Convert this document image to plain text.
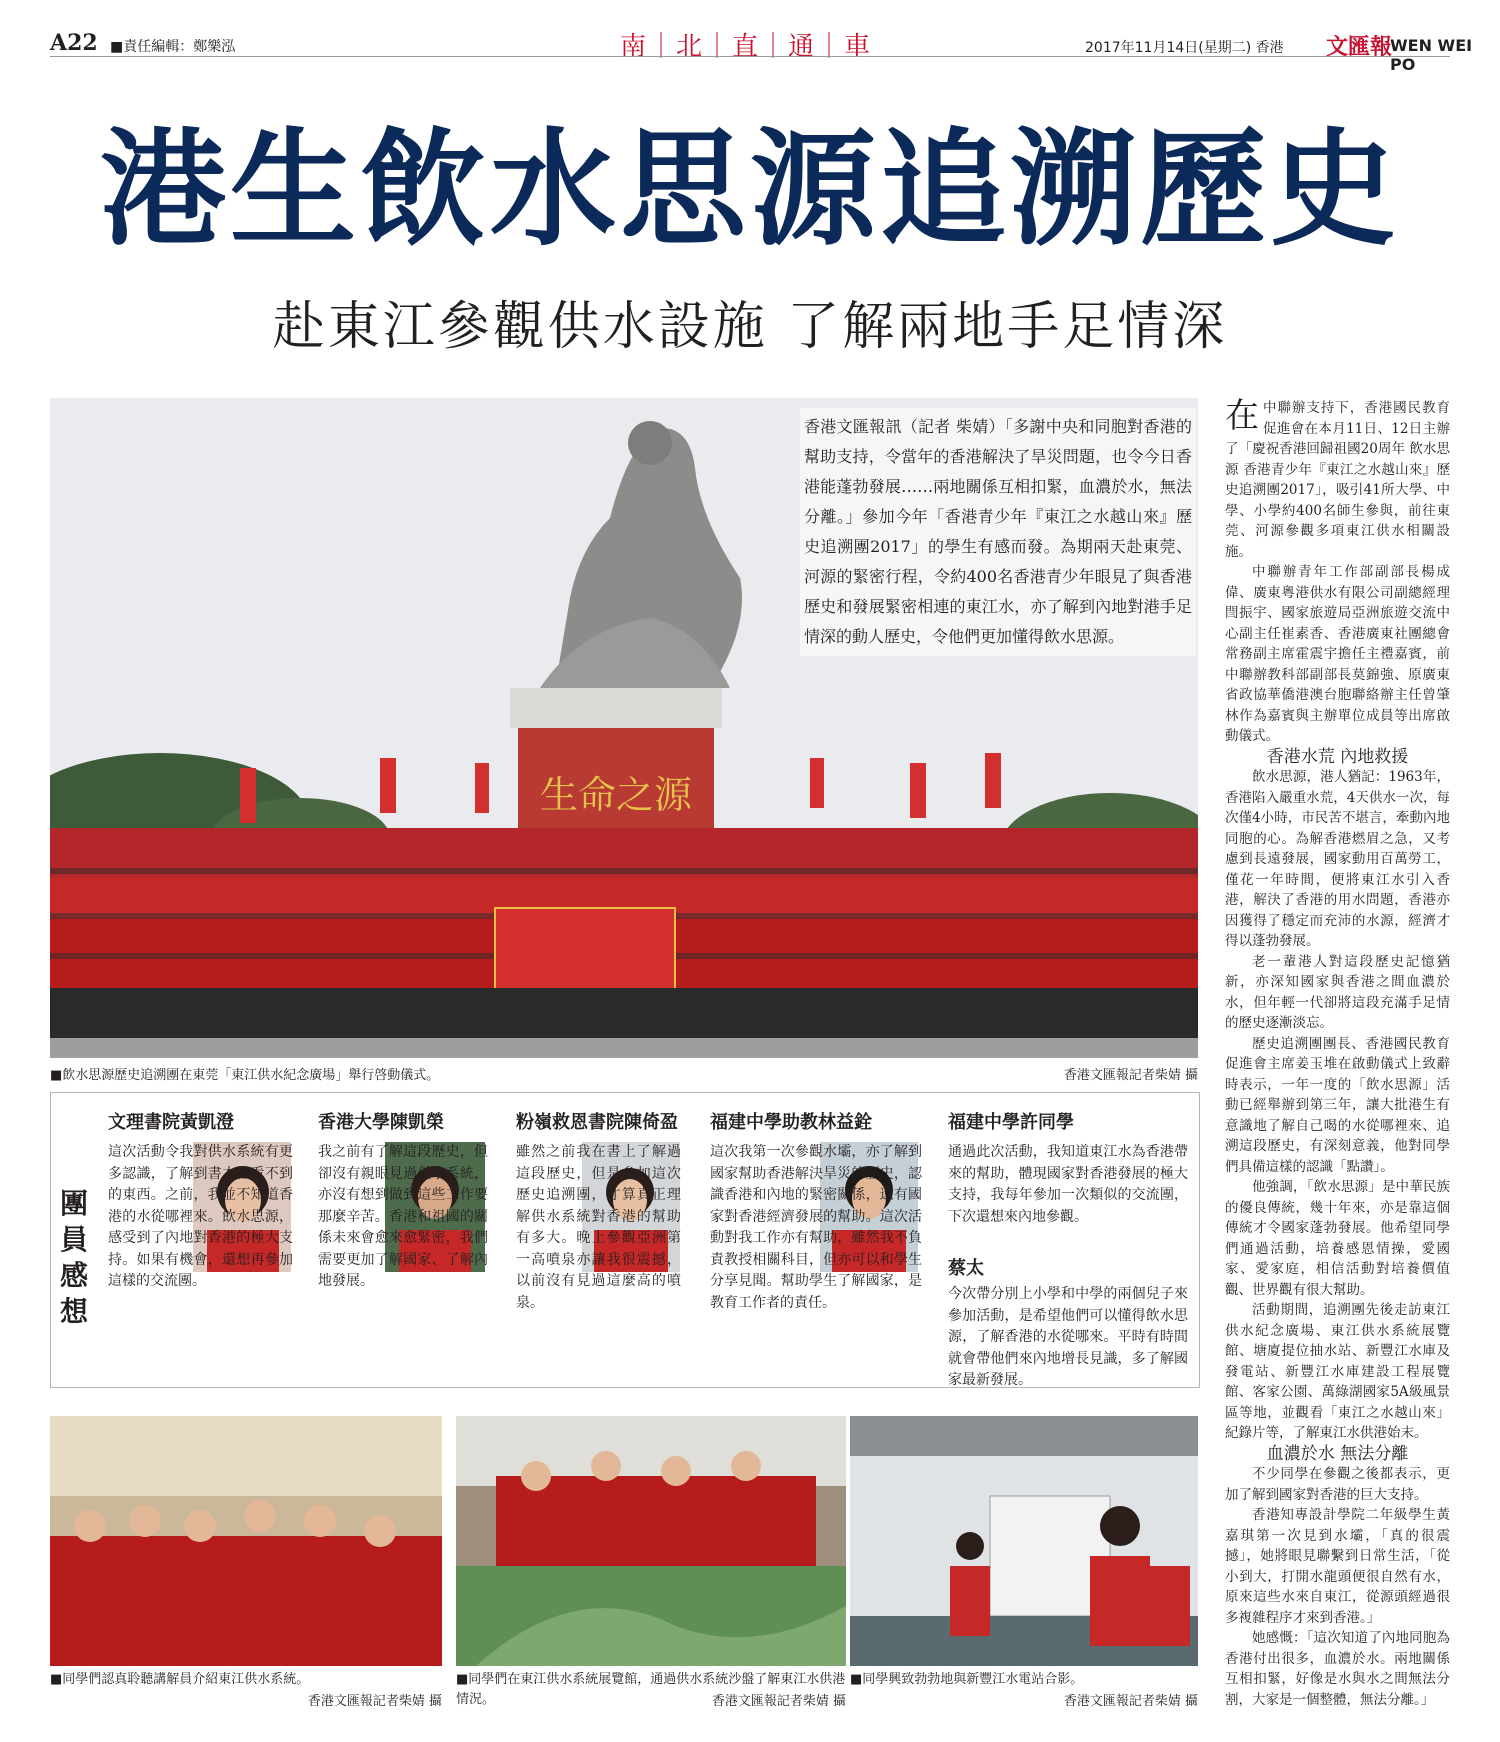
A22 ■責任編輯：鄭樂泓	南｜北｜直｜通｜車	2017年11月14日(星期二) 香港 文匯報
WEN WEI PO
港生飲水思源追溯歷史
赴東江參觀供水設施 了解兩地手足情深
生命之源
香港文匯報訊（記者 柴婧）「多謝中央和同胞對香港的幫助支持，令當年的香港解決了旱災問題，也令今日香港能蓬勃發展……兩地關係互相扣緊，血濃於水，無法分離。」參加今年「香港青少年『東江之水越山來』歷史追溯團2017」的學生有感而發。為期兩天赴東莞、河源的緊密行程，令約400名香港青少年眼見了與香港歷史和發展緊密相連的東江水，亦了解到內地對港手足情深的動人歷史，令他們更加懂得飲水思源。
■飲水思源歷史追溯團在東莞「東江供水紀念廣場」舉行啓動儀式。	香港文匯報記者柴婧 攝

在中聯辦支持下，香港國民教育促進會在本月11日、12日主辦了「慶祝香港回歸祖國20周年 飲水思源 香港青少年『東江之水越山來』歷史追溯團2017」，吸引41所大學、中學、小學約400名師生參與，前往東莞、河源參觀多項東江供水相關設施。

中聯辦青年工作部副部長楊成偉、廣東粵港供水有限公司副總經理閆振宇、國家旅遊局亞洲旅遊交流中心副主任崔素香、香港廣東社團總會常務副主席霍震宇擔任主禮嘉賓，前中聯辦教科部副部長莫錦強、原廣東省政協華僑港澳台胞聯絡辦主任曾肇林作為嘉賓與主辦單位成員等出席啟動儀式。

香港水荒 內地救援

飲水思源，港人猶記：1963年，香港陷入嚴重水荒，4天供水一次，每次僅4小時，市民苦不堪言，牽動內地同胞的心。為解香港燃眉之急，又考慮到長遠發展，國家動用百萬勞工，僅花一年時間，便將東江水引入香港，解決了香港的用水問題，香港亦因獲得了穩定而充沛的水源，經濟才得以蓬勃發展。

老一輩港人對這段歷史記憶猶新，亦深知國家與香港之間血濃於水，但年輕一代卻將這段充滿手足情的歷史逐漸淡忘。

歷史追溯團團長、香港國民教育促進會主席姜玉堆在啟動儀式上致辭時表示，一年一度的「飲水思源」活動已經舉辦到第三年，讓大批港生有意識地了解自己喝的水從哪裡來、追溯這段歷史，有深刻意義，他對同學們具備這樣的認識「點讚」。

他強調，「飲水思源」是中華民族的優良傳統，幾十年來，亦是靠這個傳統才令國家蓬勃發展。他希望同學們通過活動，培養感恩情操，愛國家、愛家庭，相信活動對培養價值觀、世界觀有很大幫助。

活動期間，追溯團先後走訪東江供水紀念廣場、東江供水系統展覽館、塘廈提位抽水站、新豐江水庫及發電站、新豐江水庫建設工程展覽館、客家公園、萬綠湖國家5A級風景區等地，並觀看「東江之水越山來」紀錄片等，了解東江水供港始末。

血濃於水 無法分離

不少同學在參觀之後都表示，更加了解到國家對香港的巨大支持。

香港知專設計學院二年級學生黃嘉琪第一次見到水壩，「真的很震撼」，她將眼見聯繫到日常生活，「從小到大，打開水龍頭便很自然有水，原來這些水來自東江，從源頭經過很多複雜程序才來到香港。」

她感慨：「這次知道了內地同胞為香港付出很多，血濃於水。兩地關係互相扣緊，好像是水與水之間無法分割，大家是一個整體，無法分離。」

團員感想
文理書院黃凱澄
這次活動令我對供水系統有更多認識，了解到書本裡看不到的東西。之前，我並不知道香港的水從哪裡來。飲水思源，感受到了內地對香港的極大支持。如果有機會，還想再參加這樣的交流團。
香港大學陳凱榮
我之前有了解這段歷史，但卻沒有親眼見過供水系統，亦沒有想到做到這些工作要那麼辛苦。香港和祖國的關係未來會愈來愈緊密，我們需要更加了解國家、了解內地發展。
粉嶺救恩書院陳倚盈
雖然之前我在書上了解過這段歷史，但是參加這次歷史追溯團，才算真正理解供水系統對香港的幫助有多大。晚上參觀亞洲第一高噴泉亦讓我很震撼，以前沒有見過這麼高的噴泉。
福建中學助教林益銓
這次我第一次參觀水壩，亦了解到國家幫助香港解決旱災的歷史，認識香港和內地的緊密關係，還有國家對香港經濟發展的幫助。這次活動對我工作亦有幫助，雖然我不負責教授相關科目，但亦可以和學生分享見聞。幫助學生了解國家，是教育工作者的責任。
福建中學許同學
通過此次活動，我知道東江水為香港帶來的幫助，體現國家對香港發展的極大支持，我每年參加一次類似的交流團，下次還想來內地參觀。
蔡太
今次帶分別上小學和中學的兩個兒子來參加活動，是希望他們可以懂得飲水思源，了解香港的水從哪來。平時有時間就會帶他們來內地增長見識，多了解國家最新發展。
■同學們認真聆聽講解員介紹東江供水系統。
香港文匯報記者柴婧 攝
■同學們在東江供水系統展覽館，通過供水系統沙盤了解東江水供港情況。	香港文匯報記者柴婧 攝
■同學興致勃勃地與新豐江水電站合影。
香港文匯報記者柴婧 攝
